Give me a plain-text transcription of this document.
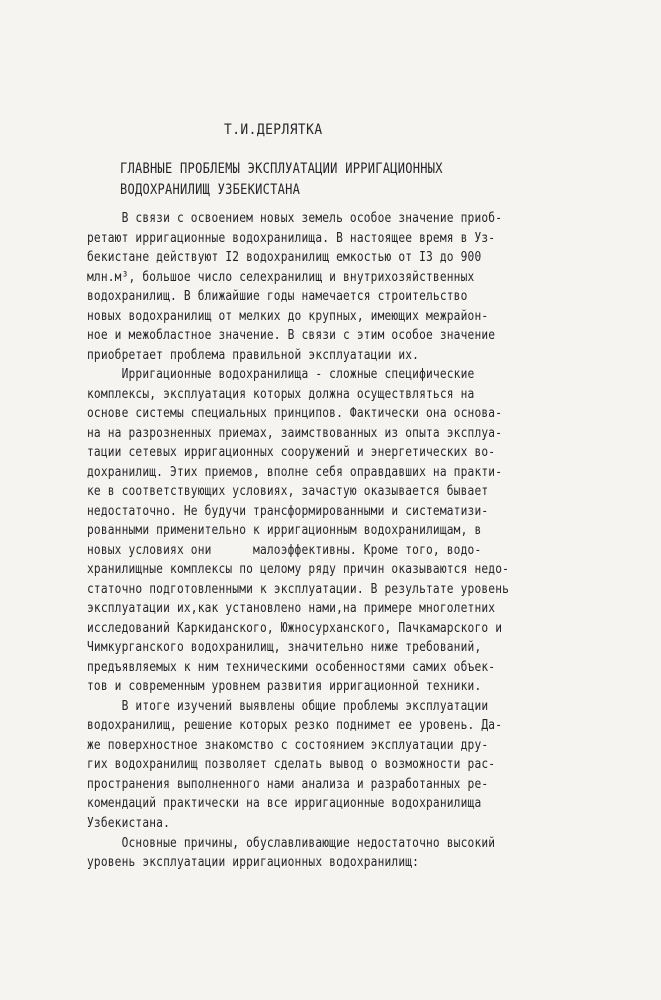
Т.И.ДЕРЛЯТКА
ГЛАВНЫЕ ПРОБЛЕМЫ ЭКСПЛУАТАЦИИ ИРРИГАЦИОННЫХ
ВОДОХРАНИЛИЩ УЗБЕКИСТАНА
В связи с освоением новых земель особое значение приоб-
ретают ирригационные водохранилища. В настоящее время в Уз-
бекистане действуют I2 водохранилищ емкостью от I3 до 900
млн.м³, большое число селехранилищ и внутрихозяйственных
водохранилищ. В ближайшие годы намечается строительство
новых водохранилищ от мелких до крупных, имеющих межрайон-
ное и межобластное значение. В связи с этим особое значение
приобретает проблема правильной эксплуатации их.
Ирригационные водохранилища - сложные специфические
комплексы, эксплуатация которых должна осуществляться на
основе системы специальных принципов. Фактически она основа-
на на разрозненных приемах, заимствованных из опыта эксплуа-
тации сетевых ирригационных сооружений и энергетических во-
дохранилищ. Этих приемов, вполне себя оправдавших на практи-
ке в соответствующих условиях, зачастую оказывается бывает
недостаточно. Не будучи трансформированными и систематизи-
рованными применительно к ирригационным водохранилищам, в
новых условиях они      малоэффективны. Кроме того, водо-
хранилищные комплексы по целому ряду причин оказываются недо-
статочно подготовленными к эксплуатации. В результате уровень
эксплуатации их,как установлено нами,на примере многолетних
исследований Каркиданского, Южносурханского, Пачкамарского и
Чимкурганского водохранилищ, значительно ниже требований,
предъявляемых к ним техническими особенностями самих объек-
тов и современным уровнем развития ирригационной техники.
В итоге изучений выявлены общие проблемы эксплуатации
водохранилищ, решение которых резко поднимет ее уровень. Да-
же поверхностное знакомство с состоянием эксплуатации дру-
гих водохранилищ позволяет сделать вывод о возможности рас-
пространения выполненного нами анализа и разработанных ре-
комендаций практически на все ирригационные водохранилища
Узбекистана.
Основные причины, обуславливающие недостаточно высокий
уровень эксплуатации ирригационных водохранилищ:
